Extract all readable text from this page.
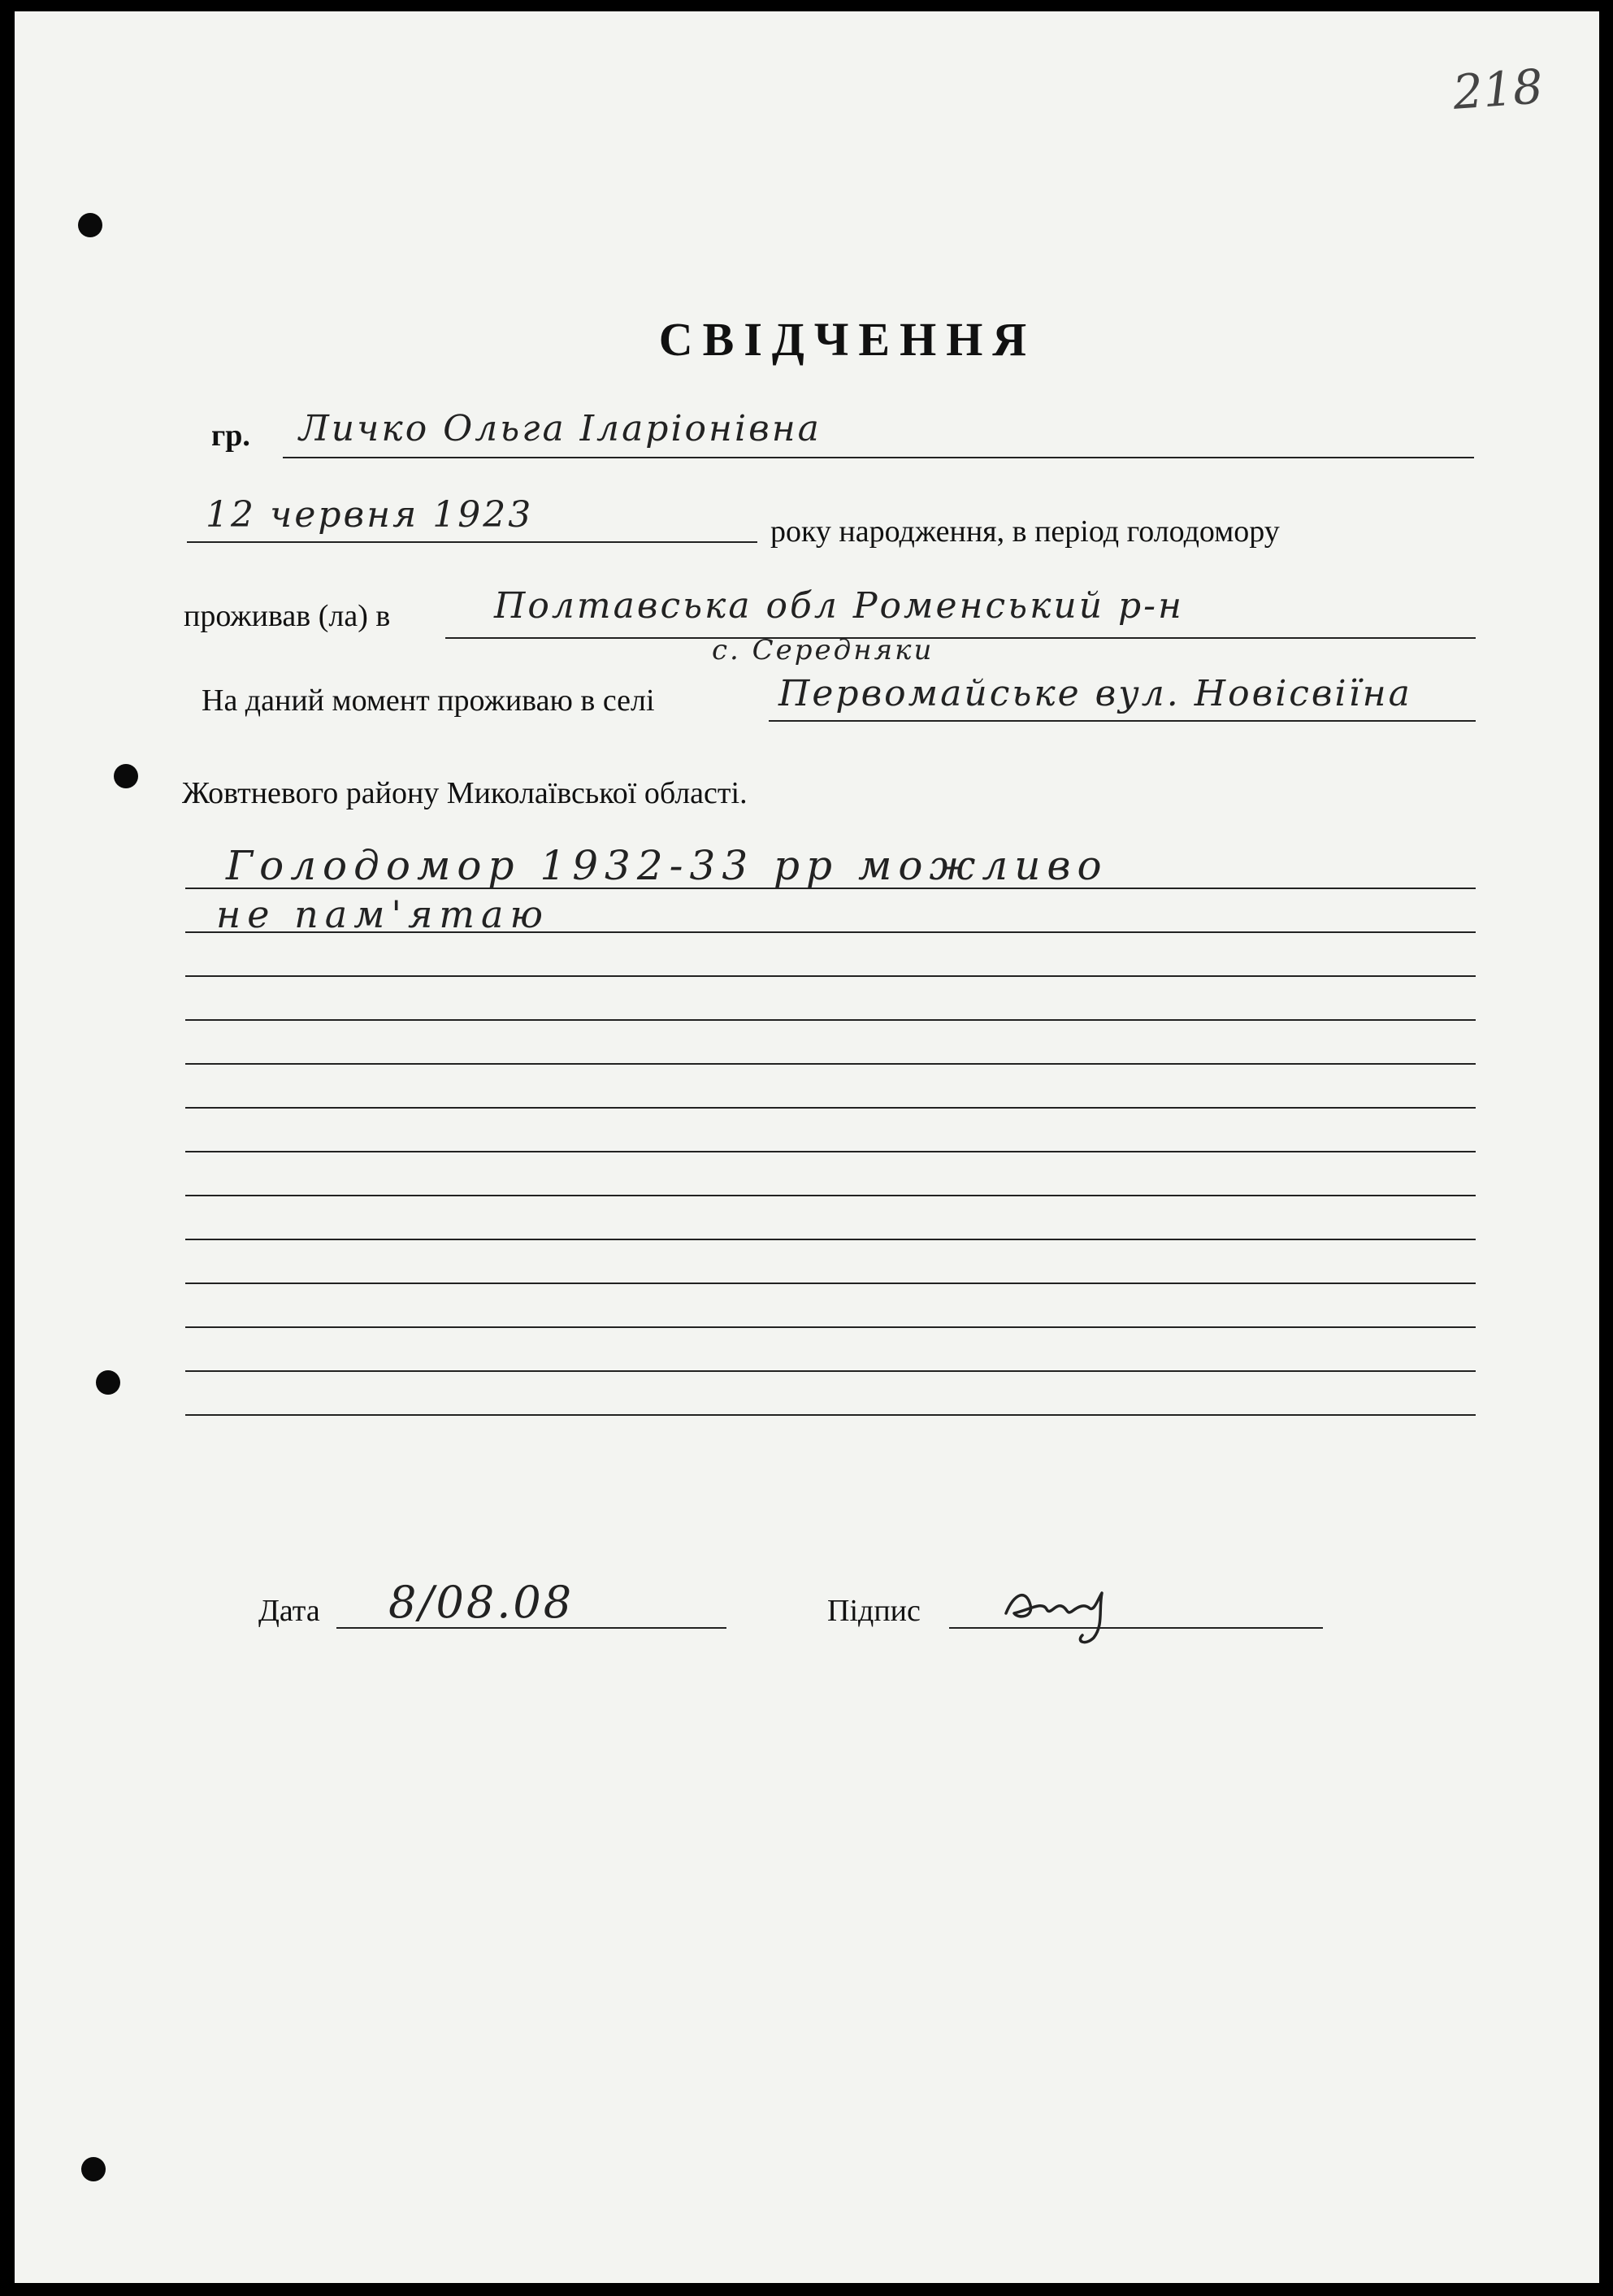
218
СВІДЧЕННЯ
гр. Личко Ольга Іларіонівна
12 червня 1923	року народження, в період голодомору
проживав (ла) в	Полтавська обл Роменський р-н
с. Середняки
На даний момент проживаю в селі	Первомайське вул. Новісвіїна
Жовтневого району Миколаївської області.
Голодомор 1932-33 рр можливо
не пам'ятаю
Дата 8/08.08	Підпис
